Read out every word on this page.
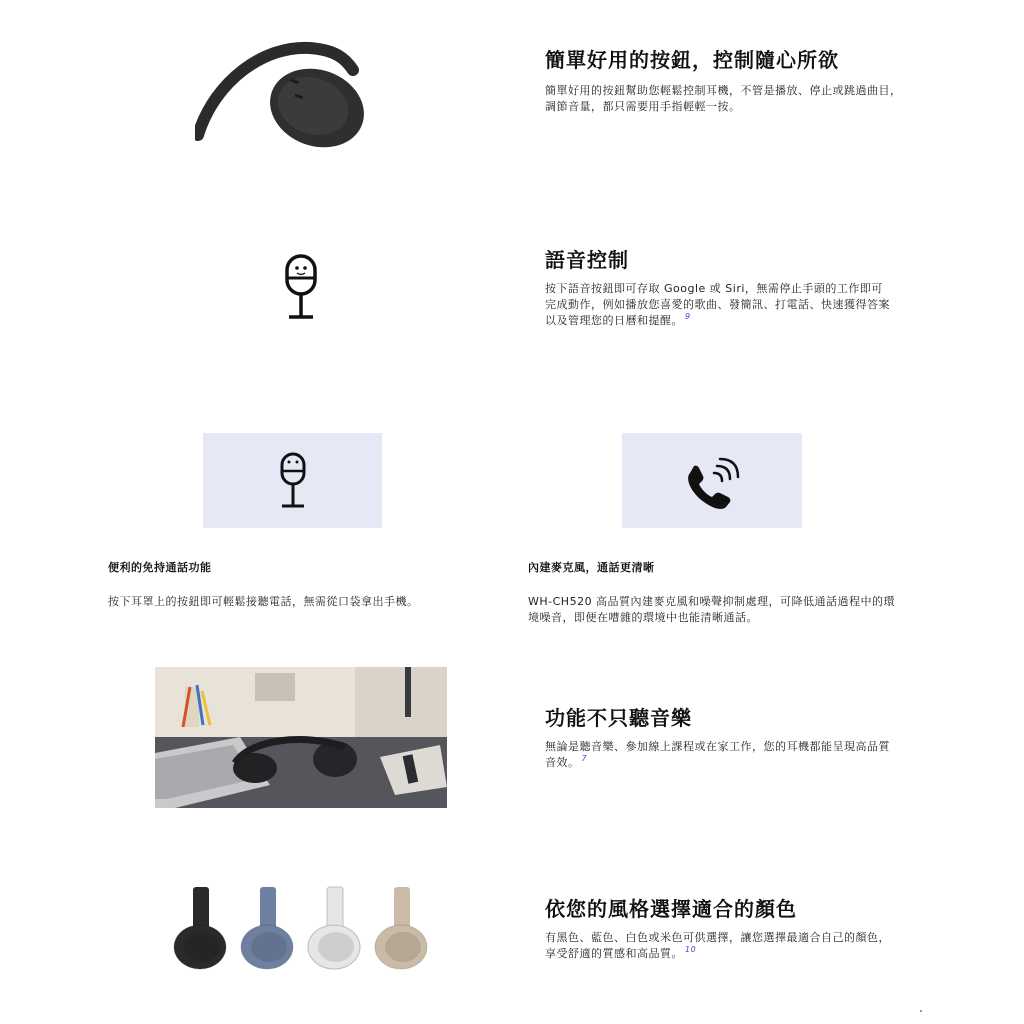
簡單好用的按鈕，控制隨心所欲

簡單好用的按鈕幫助您輕鬆控制耳機，不管是播放、停止或跳過曲目，調節音量，都只需要用手指輕輕一按。

語音控制

按下語音按鈕即可存取 Google 或 Siri，無需停止手頭的工作即可完成動作，例如播放您喜愛的歌曲、發簡訊、打電話、快速獲得答案以及管理您的日曆和提醒。 $^9$

便利的免持通話功能

按下耳罩上的按鈕即可輕鬆接聽電話，無需從口袋拿出手機。

內建麥克風，通話更清晰

WH-CH520 高品質內建麥克風和噪聲抑制處理，可降低通話過程中的環境噪音，即便在嘈雜的環境中也能清晰通話。

功能不只聽音樂

無論是聽音樂、參加線上課程或在家工作，您的耳機都能呈現高品質音效。 $^7$

依您的風格選擇適合的顏色

有黑色、藍色、白色或米色可供選擇，讓您選擇最適合自己的顏色，享受舒適的質感和高品質。 $^{10}$
